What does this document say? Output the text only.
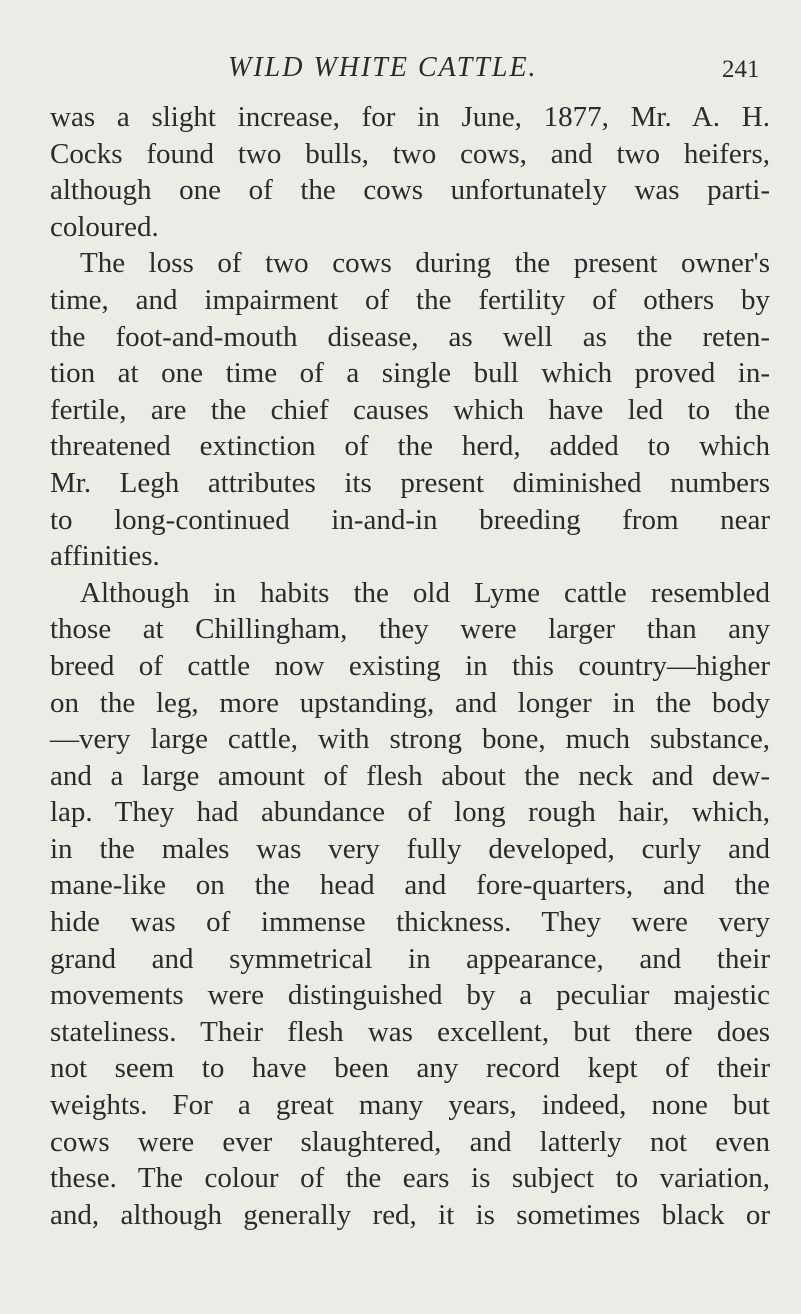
WILD WHITE CATTLE.	241
was a slight increase, for in June, 1877, Mr. A. H.
Cocks found two bulls, two cows, and two heifers,
although one of the cows unfortunately was parti-
coloured.
The loss of two cows during the present owner's
time, and impairment of the fertility of others by
the foot-and-mouth disease, as well as the reten-
tion at one time of a single bull which proved in-
fertile, are the chief causes which have led to the
threatened extinction of the herd, added to which
Mr. Legh attributes its present diminished numbers
to long-continued in-and-in breeding from near
affinities.
Although in habits the old Lyme cattle resembled
those at Chillingham, they were larger than any
breed of cattle now existing in this country—higher
on the leg, more upstanding, and longer in the body
—very large cattle, with strong bone, much substance,
and a large amount of flesh about the neck and dew-
lap. They had abundance of long rough hair, which,
in the males was very fully developed, curly and
mane-like on the head and fore-quarters, and the
hide was of immense thickness. They were very
grand and symmetrical in appearance, and their
movements were distinguished by a peculiar majestic
stateliness. Their flesh was excellent, but there does
not seem to have been any record kept of their
weights. For a great many years, indeed, none but
cows were ever slaughtered, and latterly not even
these. The colour of the ears is subject to variation,
and, although generally red, it is sometimes black or
